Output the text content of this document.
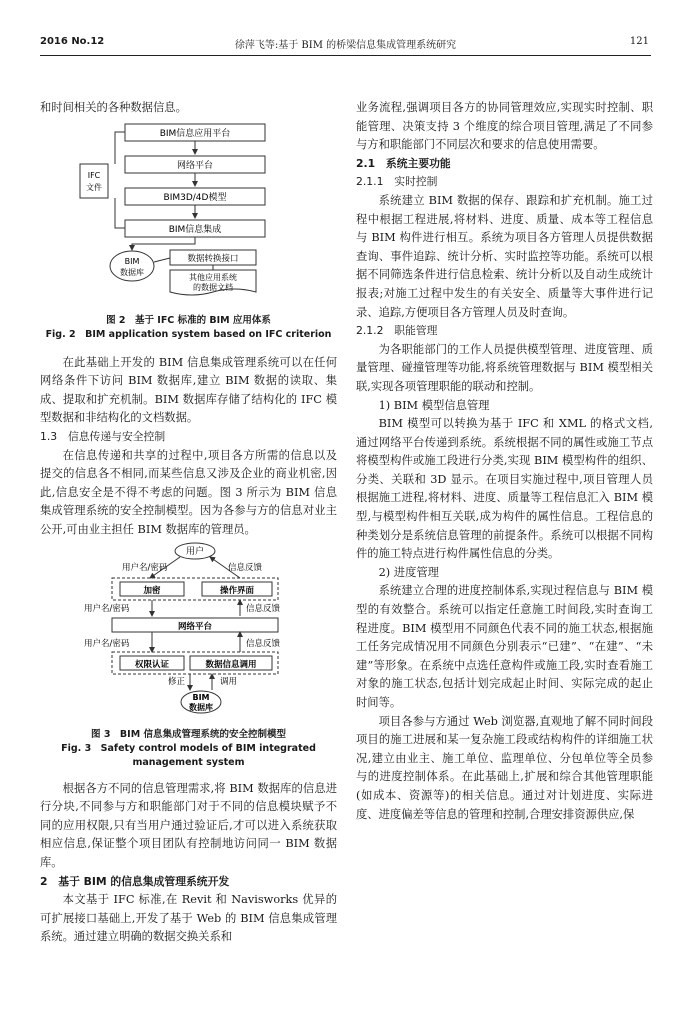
2016 No.12	徐萍飞等:基于 BIM 的桥梁信息集成管理系统研究	121

和时间相关的各种数据信息。

BIM信息应用平台
网络平台
BIM3D/4D模型
BIM信息集成
IFC
文件
BIM
数据库
数据转换接口
其他应用系统
的数据文档

图 2　基于 IFC 标准的 BIM 应用体系

Fig. 2　BIM application system based on IFC criterion

在此基础上开发的 BIM 信息集成管理系统可以在任何网络条件下访问 BIM 数据库,建立 BIM 数据的读取、集成、提取和扩充机制。BIM 数据库存储了结构化的 IFC 模型数据和非结构化的文档数据。

1.3　信息传递与安全控制

在信息传递和共享的过程中,项目各方所需的信息以及提交的信息各不相同,而某些信息又涉及企业的商业机密,因此,信息安全是不得不考虑的问题。图 3 所示为 BIM 信息集成管理系统的安全控制模型。因为各参与方的信息对业主公开,可由业主担任 BIM 数据库的管理员。

用户
用户名/密码	信息反馈
加密	操作界面
用户名/密码	信息反馈
网络平台
用户名/密码	信息反馈
权限认证	数据信息调用
修正	调用
BIM
数据库

图 3　BIM 信息集成管理系统的安全控制模型

Fig. 3　Safety control models of BIM integrated

management system

根据各方不同的信息管理需求,将 BIM 数据库的信息进行分块,不同参与方和职能部门对于不同的信息模块赋予不同的应用权限,只有当用户通过验证后,才可以进入系统获取相应信息,保证整个项目团队有控制地访问同一 BIM 数据库。

2　基于 BIM 的信息集成管理系统开发

本文基于 IFC 标准,在 Revit 和 Navisworks 优异的可扩展接口基础上,开发了基于 Web 的 BIM 信息集成管理系统。通过建立明确的数据交换关系和

业务流程,强调项目各方的协同管理效应,实现实时控制、职能管理、决策支持 3 个维度的综合项目管理,满足了不同参与方和职能部门不同层次和要求的信息使用需要。

2.1　系统主要功能

2.1.1　实时控制

系统建立 BIM 数据的保存、跟踪和扩充机制。施工过程中根据工程进展,将材料、进度、质量、成本等工程信息与 BIM 构件进行相互。系统为项目各方管理人员提供数据查询、事件追踪、统计分析、实时监控等功能。系统可以根据不同筛选条件进行信息检索、统计分析以及自动生成统计报表;对施工过程中发生的有关安全、质量等大事件进行记录、追踪,方便项目各方管理人员及时查询。

2.1.2　职能管理

为各职能部门的工作人员提供模型管理、进度管理、质量管理、碰撞管理等功能,将系统管理数据与 BIM 模型相关联,实现各项管理职能的联动和控制。

1) BIM 模型信息管理

BIM 模型可以转换为基于 IFC 和 XML 的格式文档,通过网络平台传递到系统。系统根据不同的属性或施工节点将模型构件或施工段进行分类,实现 BIM 模型构件的组织、分类、关联和 3D 显示。在项目实施过程中,项目管理人员根据施工进程,将材料、进度、质量等工程信息汇入 BIM 模型,与模型构件相互关联,成为构件的属性信息。工程信息的种类划分是系统信息管理的前提条件。系统可以根据不同构件的施工特点进行构件属性信息的分类。

2) 进度管理

系统建立合理的进度控制体系,实现过程信息与 BIM 模型的有效整合。系统可以指定任意施工时间段,实时查询工程进度。BIM 模型用不同颜色代表不同的施工状态,根据施工任务完成情况用不同颜色分别表示“已建”、“在建”、“未建”等形象。在系统中点选任意构件或施工段,实时查看施工对象的施工状态,包括计划完成起止时间、实际完成的起止时间等。

项目各参与方通过 Web 浏览器,直观地了解不同时间段项目的施工进展和某一复杂施工段或结构构件的详细施工状况,建立由业主、施工单位、监理单位、分包单位等全员参与的进度控制体系。在此基础上,扩展和综合其他管理职能(如成本、资源等)的相关信息。通过对计划进度、实际进度、进度偏差等信息的管理和控制,合理安排资源供应,保
